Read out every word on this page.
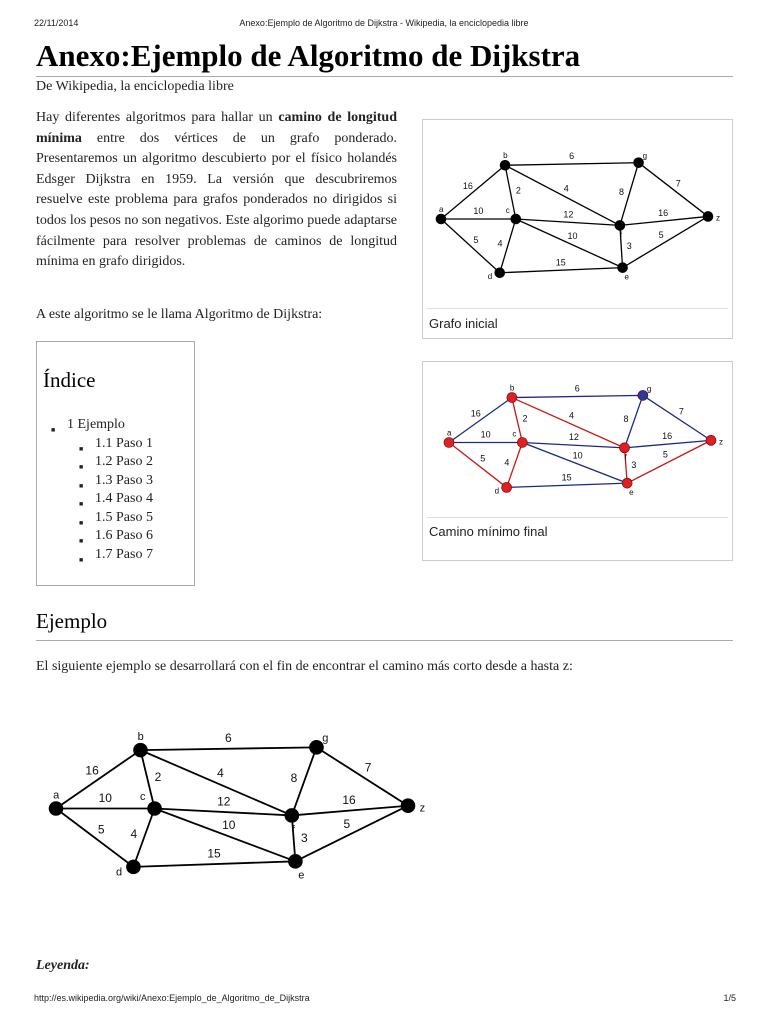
22/11/2014	Anexo:Ejemplo de Algoritmo de Dijkstra - Wikipedia, la enciclopedia libre
Anexo:Ejemplo de Algoritmo de Dijkstra
De Wikipedia, la enciclopedia libre

Hay diferentes algoritmos para hallar un camino de longitud mínima entre dos vértices de un grafo ponderado. Presentaremos un algoritmo descubierto por el físico holandés Edsger Dijkstra en 1959. La versión que descubriremos resuelve este problema para grafos ponderados no dirigidos si todos los pesos no son negativos. Este algorimo puede adaptarse fácilmente para resolver problemas de caminos de longitud mínima en grafo dirigidos.

A este algoritmo se le llama Algoritmo de Dijkstra:

Índice
■ 1 Ejemplo
■ 1.1 Paso 1
■ 1.2 Paso 2
■ 1.3 Paso 3
■ 1.4 Paso 4
■ 1.5 Paso 5
■ 1.6 Paso 6
■ 1.7 Paso 7
16
10
5
6
2	4
12
10
4
15
8
7
16
3
5
a
b
c
d	e
f
g
z
Grafo inicial
16
10
5
6
2	4
12
10
4
15
8
7
16
3
5
a
b
c
d	e
f
g
z
Camino mínimo final
Ejemplo

El siguiente ejemplo se desarrollará con el fin de encontrar el camino más corto desde a hasta z:

16
10
5
6
2	4
12
10
4
15
8
7
16
3
5
a
b
c
d	e
f
g
z
Leyenda:
http://es.wikipedia.org/wiki/Anexo:Ejemplo_de_Algoritmo_de_Dijkstra	1/5
